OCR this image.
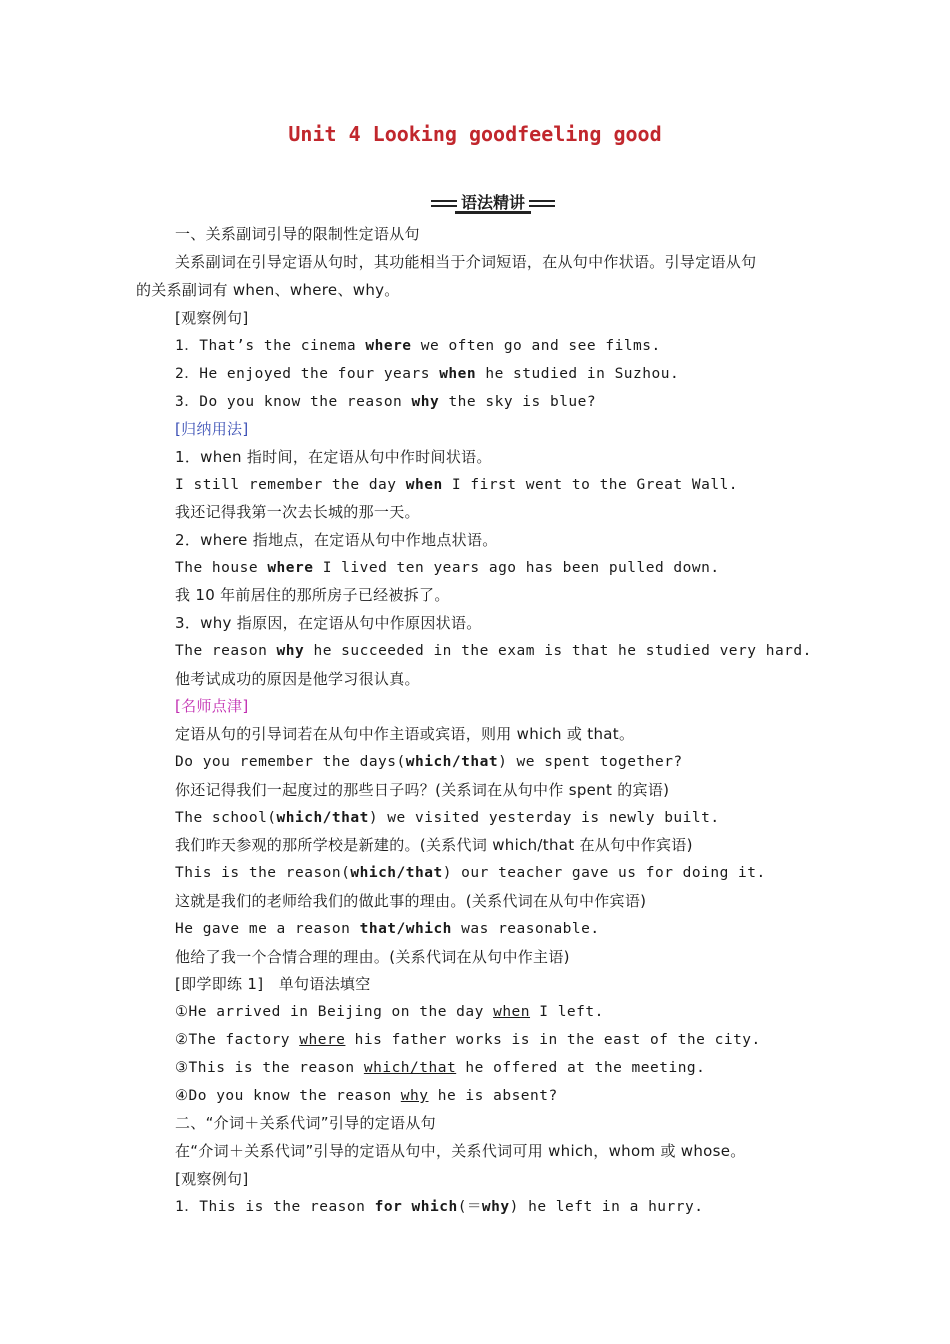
Unit 4 Looking goodfeeling good
语法精讲
一、关系副词引导的限制性定语从句
关系副词在引导定语从句时，其功能相当于介词短语，在从句中作状语。引导定语从句
的关系副词有 when、where、why。
[观察例句]
1．That’s the cinema where we often go and see films.
2．He enjoyed the four years when he studied in Suzhou.
3．Do you know the reason why the sky is blue?
[归纳用法]
1．when 指时间，在定语从句中作时间状语。
I still remember the day when I first went to the Great Wall.
我还记得我第一次去长城的那一天。
2．where 指地点，在定语从句中作地点状语。
The house where I lived ten years ago has been pulled down.
我 10 年前居住的那所房子已经被拆了。
3．why 指原因，在定语从句中作原因状语。
The reason why he succeeded in the exam is that he studied very hard.
他考试成功的原因是他学习很认真。
[名师点津]
定语从句的引导词若在从句中作主语或宾语，则用 which 或 that。
Do you remember the days(which/that) we spent together?
你还记得我们一起度过的那些日子吗？(关系词在从句中作 spent 的宾语)
The school(which/that) we visited yesterday is newly built.
我们昨天参观的那所学校是新建的。(关系代词 which/that 在从句中作宾语)
This is the reason(which/that) our teacher gave us for doing it.
这就是我们的老师给我们的做此事的理由。(关系代词在从句中作宾语)
He gave me a reason that/which was reasonable.
他给了我一个合情合理的理由。(关系代词在从句中作主语)
[即学即练 1]　单句语法填空
①He arrived in Beijing on the day when I left.
②The factory where his father works is in the east of the city.
③This is the reason which/that he offered at the meeting.
④Do you know the reason why he is absent?
二、“介词＋关系代词”引导的定语从句
在“介词＋关系代词”引导的定语从句中，关系代词可用 which，whom 或 whose。
[观察例句]
1．This is the reason for which(＝why) he left in a hurry.
